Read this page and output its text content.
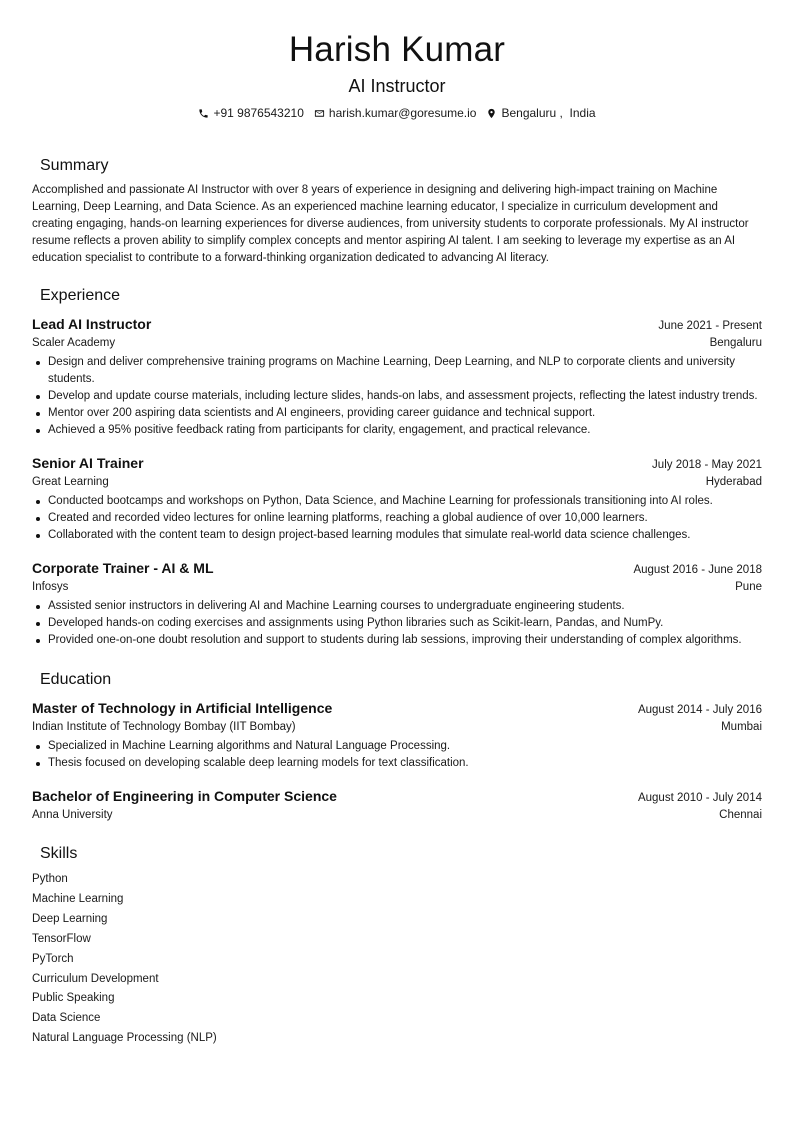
Harish Kumar
AI Instructor
+91 9876543210 harish.kumar@goresume.io Bengaluru ,  India
Summary
Accomplished and passionate AI Instructor with over 8 years of experience in designing and delivering high-impact training on Machine Learning, Deep Learning, and Data Science. As an experienced machine learning educator, I specialize in curriculum development and creating engaging, hands-on learning experiences for diverse audiences, from university students to corporate professionals. My AI instructor resume reflects a proven ability to simplify complex concepts and mentor aspiring AI talent. I am seeking to leverage my expertise as an AI education specialist to contribute to a forward-thinking organization dedicated to advancing AI literacy.
Experience
Lead AI Instructor	June 2021 - Present
Scaler Academy	Bengaluru
Design and deliver comprehensive training programs on Machine Learning, Deep Learning, and NLP to corporate clients and university students.
Develop and update course materials, including lecture slides, hands-on labs, and assessment projects, reflecting the latest industry trends.
Mentor over 200 aspiring data scientists and AI engineers, providing career guidance and technical support.
Achieved a 95% positive feedback rating from participants for clarity, engagement, and practical relevance.
Senior AI Trainer	July 2018 - May 2021
Great Learning	Hyderabad
Conducted bootcamps and workshops on Python, Data Science, and Machine Learning for professionals transitioning into AI roles.
Created and recorded video lectures for online learning platforms, reaching a global audience of over 10,000 learners.
Collaborated with the content team to design project-based learning modules that simulate real-world data science challenges.
Corporate Trainer - AI & ML	August 2016 - June 2018
Infosys	Pune
Assisted senior instructors in delivering AI and Machine Learning courses to undergraduate engineering students.
Developed hands-on coding exercises and assignments using Python libraries such as Scikit-learn, Pandas, and NumPy.
Provided one-on-one doubt resolution and support to students during lab sessions, improving their understanding of complex algorithms.
Education
Master of Technology in Artificial Intelligence	August 2014 - July 2016
Indian Institute of Technology Bombay (IIT Bombay)	Mumbai
Specialized in Machine Learning algorithms and Natural Language Processing.
Thesis focused on developing scalable deep learning models for text classification.
Bachelor of Engineering in Computer Science	August 2010 - July 2014
Anna University	Chennai
Skills
Python
Machine Learning
Deep Learning
TensorFlow
PyTorch
Curriculum Development
Public Speaking
Data Science
Natural Language Processing (NLP)
